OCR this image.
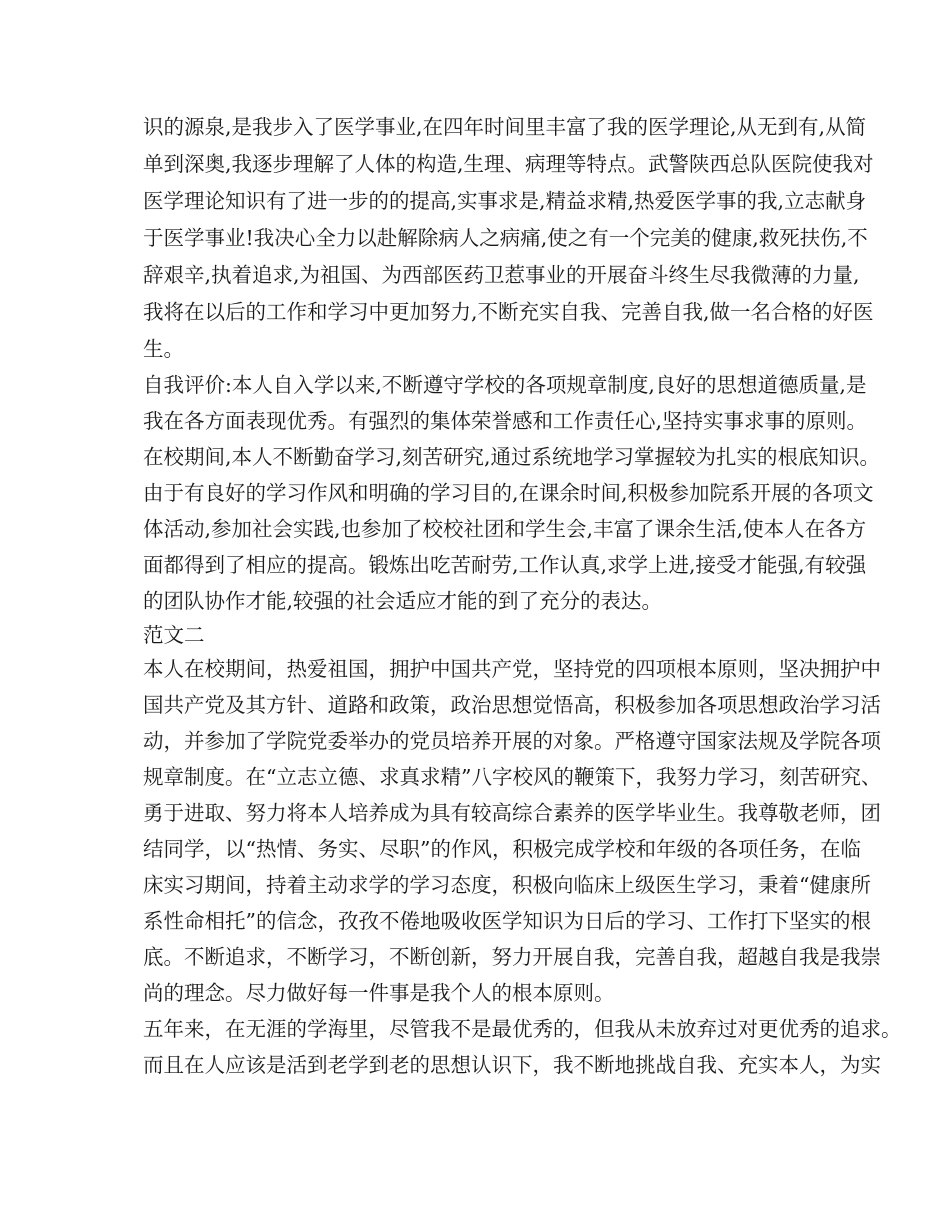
识的源泉,是我步入了医学事业,在四年时间里丰富了我的医学理论,从无到有,从简
单到深奥,我逐步理解了人体的构造,生理、病理等特点。武警陕西总队医院使我对
医学理论知识有了进一步的的提高,实事求是,精益求精,热爱医学事的我,立志献身
于医学事业!我决心全力以赴解除病人之病痛,使之有一个完美的健康,救死扶伤,不
辞艰辛,执着追求,为祖国、为西部医药卫惹事业的开展奋斗终生尽我微薄的力量,
我将在以后的工作和学习中更加努力,不断充实自我、完善自我,做一名合格的好医
生。
自我评价:本人自入学以来,不断遵守学校的各项规章制度,良好的思想道德质量,是
我在各方面表现优秀。有强烈的集体荣誉感和工作责任心,坚持实事求事的原则。
在校期间,本人不断勤奋学习,刻苦研究,通过系统地学习掌握较为扎实的根底知识。
由于有良好的学习作风和明确的学习目的,在课余时间,积极参加院系开展的各项文
体活动,参加社会实践,也参加了校校社团和学生会,丰富了课余生活,使本人在各方
面都得到了相应的提高。锻炼出吃苦耐劳,工作认真,求学上进,接受才能强,有较强
的团队协作才能,较强的社会适应才能的到了充分的表达。
范文二
本人在校期间，热爱祖国，拥护中国共产党，坚持党的四项根本原则，坚决拥护中
国共产党及其方针、道路和政策，政治思想觉悟高，积极参加各项思想政治学习活
动，并参加了学院党委举办的党员培养开展的对象。严格遵守国家法规及学院各项
规章制度。在“立志立德、求真求精”八字校风的鞭策下，我努力学习，刻苦研究、
勇于进取、努力将本人培养成为具有较高综合素养的医学毕业生。我尊敬老师，团
结同学，以“热情、务实、尽职”的作风，积极完成学校和年级的各项任务，在临
床实习期间，持着主动求学的学习态度，积极向临床上级医生学习，秉着“健康所
系性命相托”的信念，孜孜不倦地吸收医学知识为日后的学习、工作打下坚实的根
底。不断追求，不断学习，不断创新，努力开展自我，完善自我，超越自我是我崇
尚的理念。尽力做好每一件事是我个人的根本原则。
五年来，在无涯的学海里，尽管我不是最优秀的，但我从未放弃过对更优秀的追求。
而且在人应该是活到老学到老的思想认识下，我不断地挑战自我、充实本人，为实
